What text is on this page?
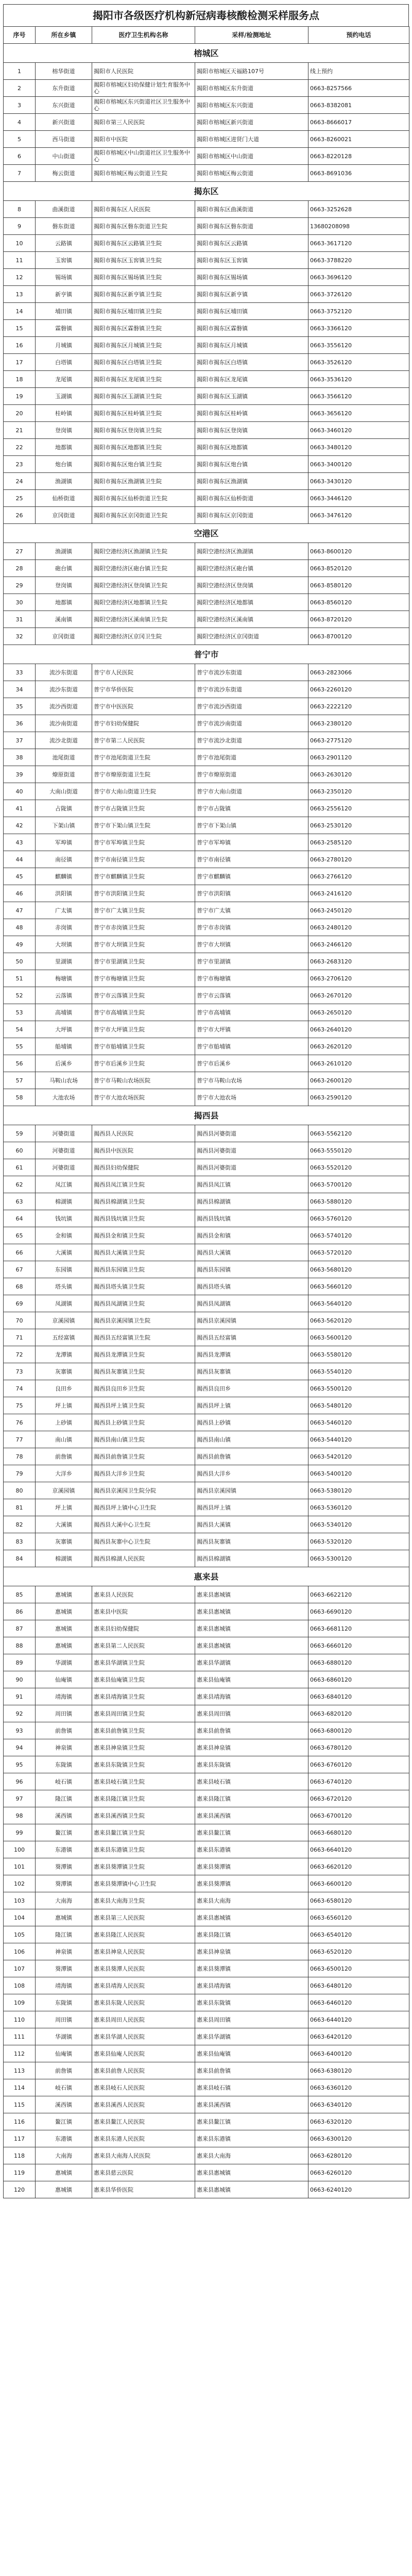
揭阳市各级医疗机构新冠病毒核酸检测采样服务点
序号	所在乡镇	医疗卫生机构名称	采样/检测地址	预约电话
榕城区				
1	榕华街道	揭阳市人民医院	揭阳市榕城区天福路107号	线上预约
2	东升街道	揭阳市榕城区妇幼保健计划生育服务中心	揭阳市榕城区东升街道	0663-8257566
3	东兴街道	揭阳市榕城区东兴街道社区卫生服务中心	揭阳市榕城区东兴街道	0663-8382081
4	新兴街道	揭阳市第三人民医院	揭阳市榕城区新兴街道	0663-8666017
5	西马街道	揭阳市中医院	揭阳市榕城区进贤门大道	0663-8260021
6	中山街道	揭阳市榕城区中山街道社区卫生服务中心	揭阳市榕城区中山街道	0663-8220128
7	梅云街道	揭阳市榕城区梅云街道卫生院	揭阳市榕城区梅云街道	0663-8691036
揭东区				
8	曲溪街道	揭阳市揭东区人民医院	揭阳市揭东区曲溪街道	0663-3252628
9	磐东街道	揭阳市揭东区磐东街道卫生院	揭阳市揭东区磐东街道	13680208098
10	云路镇	揭阳市揭东区云路镇卫生院	揭阳市揭东区云路镇	0663-3617120
11	玉窖镇	揭阳市揭东区玉窖镇卫生院	揭阳市揭东区玉窖镇	0663-3788220
12	锡场镇	揭阳市揭东区锡场镇卫生院	揭阳市揭东区锡场镇	0663-3696120
13	新亨镇	揭阳市揭东区新亨镇卫生院	揭阳市揭东区新亨镇	0663-3726120
14	埔田镇	揭阳市揭东区埔田镇卫生院	揭阳市揭东区埔田镇	0663-3752120
15	霖磐镇	揭阳市揭东区霖磐镇卫生院	揭阳市揭东区霖磐镇	0663-3366120
16	月城镇	揭阳市揭东区月城镇卫生院	揭阳市揭东区月城镇	0663-3556120
17	白塔镇	揭阳市揭东区白塔镇卫生院	揭阳市揭东区白塔镇	0663-3526120
18	龙尾镇	揭阳市揭东区龙尾镇卫生院	揭阳市揭东区龙尾镇	0663-3536120
19	玉湖镇	揭阳市揭东区玉湖镇卫生院	揭阳市揭东区玉湖镇	0663-3566120
20	桂岭镇	揭阳市揭东区桂岭镇卫生院	揭阳市揭东区桂岭镇	0663-3656120
21	登岗镇	揭阳市揭东区登岗镇卫生院	揭阳市揭东区登岗镇	0663-3460120
22	地都镇	揭阳市揭东区地都镇卫生院	揭阳市揭东区地都镇	0663-3480120
23	炮台镇	揭阳市揭东区炮台镇卫生院	揭阳市揭东区炮台镇	0663-3400120
24	渔湖镇	揭阳市揭东区渔湖镇卫生院	揭阳市揭东区渔湖镇	0663-3430120
25	仙桥街道	揭阳市揭东区仙桥街道卫生院	揭阳市揭东区仙桥街道	0663-3446120
26	京冈街道	揭阳市揭东区京冈街道卫生院	揭阳市揭东区京冈街道	0663-3476120
空港区				
27	渔湖镇	揭阳空港经济区渔湖镇卫生院	揭阳空港经济区渔湖镇	0663-8600120
28	砲台镇	揭阳空港经济区砲台镇卫生院	揭阳空港经济区砲台镇	0663-8520120
29	登岗镇	揭阳空港经济区登岗镇卫生院	揭阳空港经济区登岗镇	0663-8580120
30	地都镇	揭阳空港经济区地都镇卫生院	揭阳空港经济区地都镇	0663-8560120
31	溪南镇	揭阳空港经济区溪南镇卫生院	揭阳空港经济区溪南镇	0663-8720120
32	京冈街道	揭阳空港经济区京冈卫生院	揭阳空港经济区京冈街道	0663-8700120
普宁市				
33	流沙东街道	普宁市人民医院	普宁市流沙东街道	0663-2823066
34	流沙东街道	普宁市华侨医院	普宁市流沙东街道	0663-2260120
35	流沙西街道	普宁市中医医院	普宁市流沙西街道	0663-2222120
36	流沙南街道	普宁市妇幼保健院	普宁市流沙南街道	0663-2380120
37	流沙北街道	普宁市第二人民医院	普宁市流沙北街道	0663-2775120
38	池尾街道	普宁市池尾街道卫生院	普宁市池尾街道	0663-2901120
39	燎原街道	普宁市燎原街道卫生院	普宁市燎原街道	0663-2630120
40	大南山街道	普宁市大南山街道卫生院	普宁市大南山街道	0663-2350120
41	占陇镇	普宁市占陇镇卫生院	普宁市占陇镇	0663-2556120
42	下架山镇	普宁市下架山镇卫生院	普宁市下架山镇	0663-2530120
43	军埠镇	普宁市军埠镇卫生院	普宁市军埠镇	0663-2585120
44	南径镇	普宁市南径镇卫生院	普宁市南径镇	0663-2780120
45	麒麟镇	普宁市麒麟镇卫生院	普宁市麒麟镇	0663-2766120
46	洪阳镇	普宁市洪阳镇卫生院	普宁市洪阳镇	0663-2416120
47	广太镇	普宁市广太镇卫生院	普宁市广太镇	0663-2450120
48	赤岗镇	普宁市赤岗镇卫生院	普宁市赤岗镇	0663-2480120
49	大坝镇	普宁市大坝镇卫生院	普宁市大坝镇	0663-2466120
50	里湖镇	普宁市里湖镇卫生院	普宁市里湖镇	0663-2683120
51	梅塘镇	普宁市梅塘镇卫生院	普宁市梅塘镇	0663-2706120
52	云落镇	普宁市云落镇卫生院	普宁市云落镇	0663-2670120
53	高埔镇	普宁市高埔镇卫生院	普宁市高埔镇	0663-2650120
54	大坪镇	普宁市大坪镇卫生院	普宁市大坪镇	0663-2640120
55	船埔镇	普宁市船埔镇卫生院	普宁市船埔镇	0663-2620120
56	后溪乡	普宁市后溪乡卫生院	普宁市后溪乡	0663-2610120
57	马鞍山农场	普宁市马鞍山农场医院	普宁市马鞍山农场	0663-2600120
58	大池农场	普宁市大池农场医院	普宁市大池农场	0663-2590120
揭西县				
59	河婆街道	揭西县人民医院	揭西县河婆街道	0663-5562120
60	河婆街道	揭西县中医医院	揭西县河婆街道	0663-5550120
61	河婆街道	揭西县妇幼保健院	揭西县河婆街道	0663-5520120
62	凤江镇	揭西县凤江镇卫生院	揭西县凤江镇	0663-5700120
63	棉湖镇	揭西县棉湖镇卫生院	揭西县棉湖镇	0663-5880120
64	钱坑镇	揭西县钱坑镇卫生院	揭西县钱坑镇	0663-5760120
65	金和镇	揭西县金和镇卫生院	揭西县金和镇	0663-5740120
66	大溪镇	揭西县大溪镇卫生院	揭西县大溪镇	0663-5720120
67	东园镇	揭西县东园镇卫生院	揭西县东园镇	0663-5680120
68	塔头镇	揭西县塔头镇卫生院	揭西县塔头镇	0663-5660120
69	凤湖镇	揭西县凤湖镇卫生院	揭西县凤湖镇	0663-5640120
70	京溪园镇	揭西县京溪园镇卫生院	揭西县京溪园镇	0663-5620120
71	五经富镇	揭西县五经富镇卫生院	揭西县五经富镇	0663-5600120
72	龙潭镇	揭西县龙潭镇卫生院	揭西县龙潭镇	0663-5580120
73	灰寨镇	揭西县灰寨镇卫生院	揭西县灰寨镇	0663-5540120
74	良田乡	揭西县良田乡卫生院	揭西县良田乡	0663-5500120
75	坪上镇	揭西县坪上镇卫生院	揭西县坪上镇	0663-5480120
76	上砂镇	揭西县上砂镇卫生院	揭西县上砂镇	0663-5460120
77	南山镇	揭西县南山镇卫生院	揭西县南山镇	0663-5440120
78	前詹镇	揭西县前詹镇卫生院	揭西县前詹镇	0663-5420120
79	大洋乡	揭西县大洋乡卫生院	揭西县大洋乡	0663-5400120
80	京溪园镇	揭西县京溪园卫生院分院	揭西县京溪园镇	0663-5380120
81	坪上镇	揭西县坪上镇中心卫生院	揭西县坪上镇	0663-5360120
82	大溪镇	揭西县大溪中心卫生院	揭西县大溪镇	0663-5340120
83	灰寨镇	揭西县灰寨中心卫生院	揭西县灰寨镇	0663-5320120
84	棉湖镇	揭西县棉湖人民医院	揭西县棉湖镇	0663-5300120
惠来县				
85	惠城镇	惠来县人民医院	惠来县惠城镇	0663-6622120
86	惠城镇	惠来县中医院	惠来县惠城镇	0663-6690120
87	惠城镇	惠来县妇幼保健院	惠来县惠城镇	0663-6681120
88	惠城镇	惠来县第二人民医院	惠来县惠城镇	0663-6660120
89	华湖镇	惠来县华湖镇卫生院	惠来县华湖镇	0663-6880120
90	仙庵镇	惠来县仙庵镇卫生院	惠来县仙庵镇	0663-6860120
91	靖海镇	惠来县靖海镇卫生院	惠来县靖海镇	0663-6840120
92	周田镇	惠来县周田镇卫生院	惠来县周田镇	0663-6820120
93	前詹镇	惠来县前詹镇卫生院	惠来县前詹镇	0663-6800120
94	神泉镇	惠来县神泉镇卫生院	惠来县神泉镇	0663-6780120
95	东陇镇	惠来县东陇镇卫生院	惠来县东陇镇	0663-6760120
96	岐石镇	惠来县岐石镇卫生院	惠来县岐石镇	0663-6740120
97	隆江镇	惠来县隆江镇卫生院	惠来县隆江镇	0663-6720120
98	溪西镇	惠来县溪西镇卫生院	惠来县溪西镇	0663-6700120
99	鳌江镇	惠来县鳌江镇卫生院	惠来县鳌江镇	0663-6680120
100	东港镇	惠来县东港镇卫生院	惠来县东港镇	0663-6640120
101	葵潭镇	惠来县葵潭镇卫生院	惠来县葵潭镇	0663-6620120
102	葵潭镇	惠来县葵潭镇中心卫生院	惠来县葵潭镇	0663-6600120
103	大南海	惠来县大南海卫生院	惠来县大南海	0663-6580120
104	惠城镇	惠来县第三人民医院	惠来县惠城镇	0663-6560120
105	隆江镇	惠来县隆江人民医院	惠来县隆江镇	0663-6540120
106	神泉镇	惠来县神泉人民医院	惠来县神泉镇	0663-6520120
107	葵潭镇	惠来县葵潭人民医院	惠来县葵潭镇	0663-6500120
108	靖海镇	惠来县靖海人民医院	惠来县靖海镇	0663-6480120
109	东陇镇	惠来县东陇人民医院	惠来县东陇镇	0663-6460120
110	周田镇	惠来县周田人民医院	惠来县周田镇	0663-6440120
111	华湖镇	惠来县华湖人民医院	惠来县华湖镇	0663-6420120
112	仙庵镇	惠来县仙庵人民医院	惠来县仙庵镇	0663-6400120
113	前詹镇	惠来县前詹人民医院	惠来县前詹镇	0663-6380120
114	岐石镇	惠来县岐石人民医院	惠来县岐石镇	0663-6360120
115	溪西镇	惠来县溪西人民医院	惠来县溪西镇	0663-6340120
116	鳌江镇	惠来县鳌江人民医院	惠来县鳌江镇	0663-6320120
117	东港镇	惠来县东港人民医院	惠来县东港镇	0663-6300120
118	大南海	惠来县大南海人民医院	惠来县大南海	0663-6280120
119	惠城镇	惠来县慈云医院	惠来县惠城镇	0663-6260120
120	惠城镇	惠来县华侨医院	惠来县惠城镇	0663-6240120
